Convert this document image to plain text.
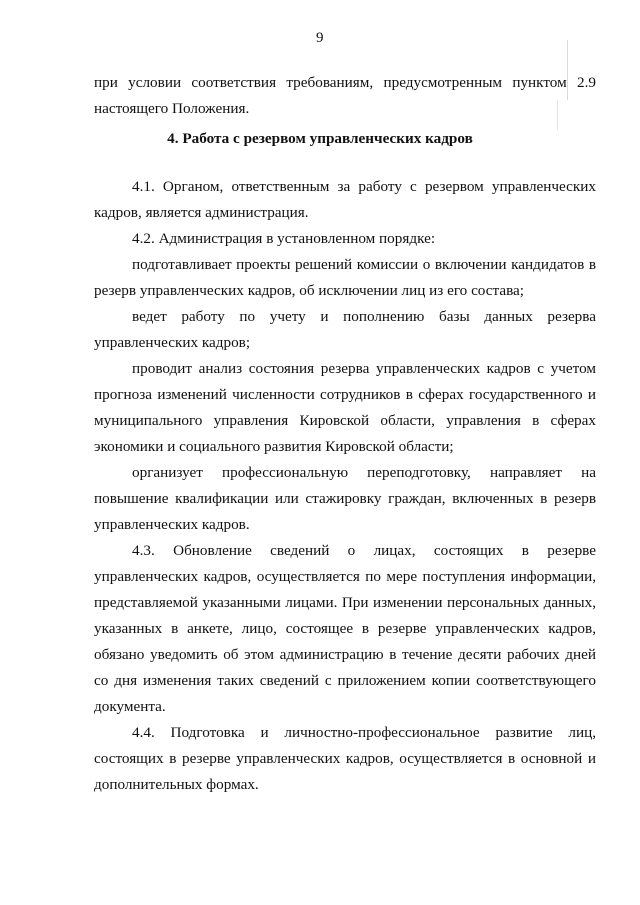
9

при условии соответствия требованиям, предусмотренным пунктом 2.9 настоящего Положения.

4. Работа с резервом управленческих кадров

4.1. Органом, ответственным за работу с резервом управленческих кадров, является администрация.

4.2. Администрация в установленном порядке:

подготавливает проекты решений комиссии о включении кандидатов в резерв управленческих кадров, об исключении лиц из его состава;

ведет работу по учету и пополнению базы данных резерва управленческих кадров;

проводит анализ состояния резерва управленческих кадров с учетом прогноза изменений численности сотрудников в сферах государственного и муниципального управления Кировской области, управления в сферах экономики и социального развития Кировской области;

организует профессиональную переподготовку, направляет на повышение квалификации или стажировку граждан, включенных в резерв управленческих кадров.

4.3. Обновление сведений о лицах, состоящих в резерве управленческих кадров, осуществляется по мере поступления информации, представляемой указанными лицами. При изменении персональных данных, указанных в анкете, лицо, состоящее в резерве управленческих кадров, обязано уведомить об этом администрацию в течение десяти рабочих дней со дня изменения таких сведений с приложением копии соответствующего документа.

4.4. Подготовка и личностно-профессиональное развитие лиц, состоящих в резерве управленческих кадров, осуществляется в основной и дополнительных формах.
